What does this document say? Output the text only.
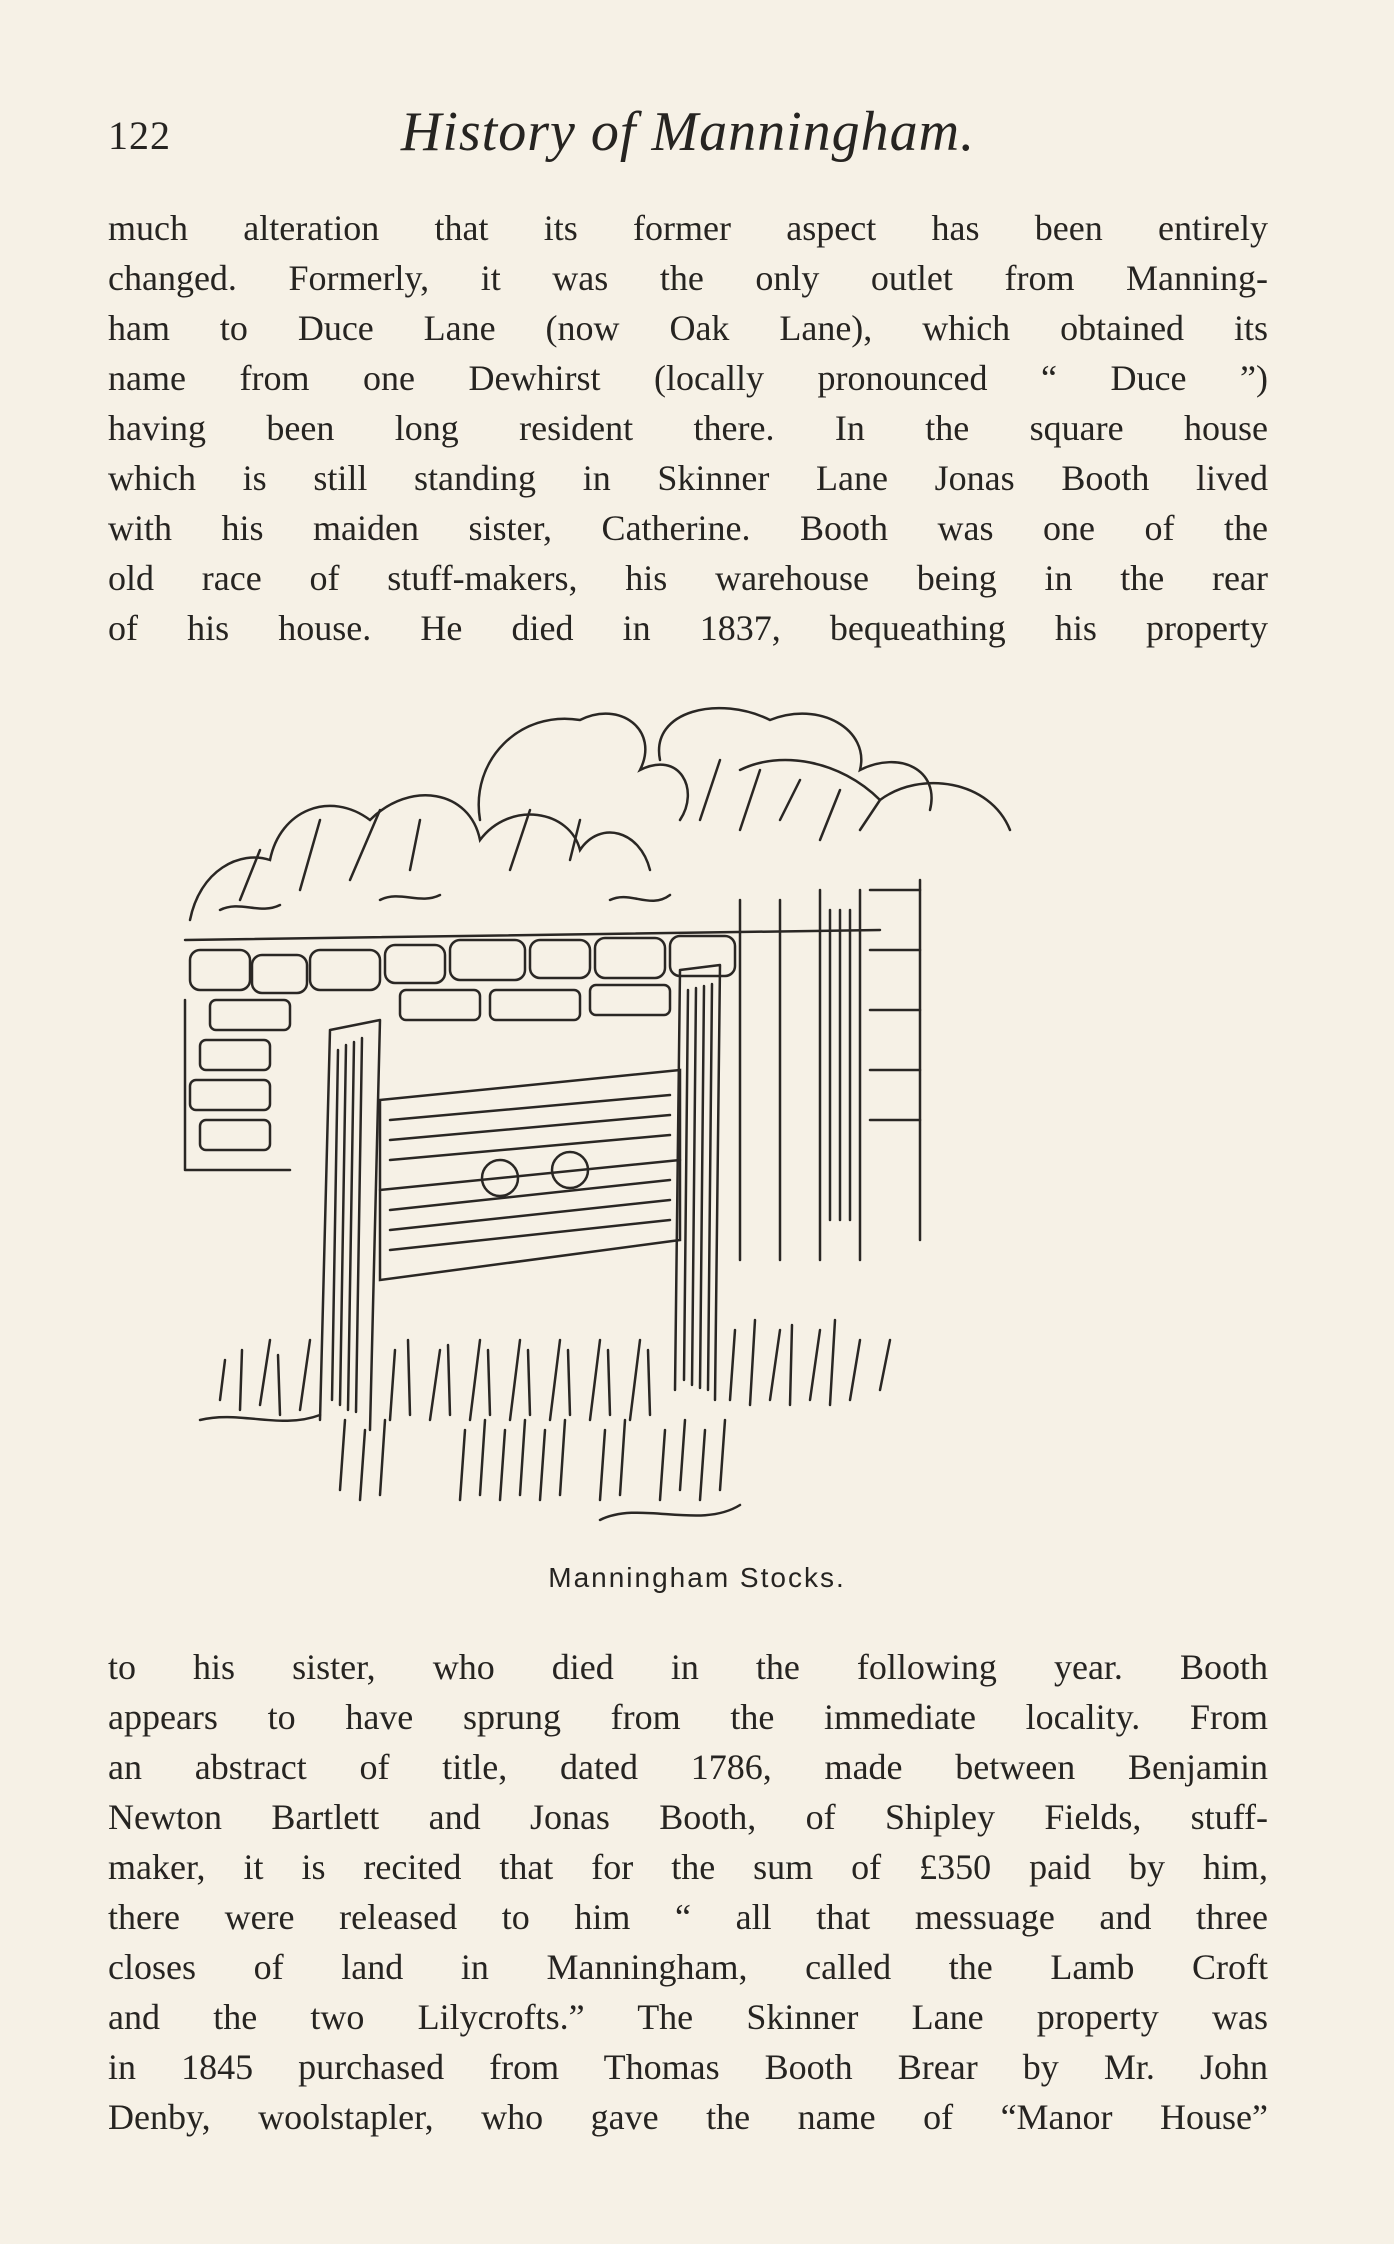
122	History of Manningham.
much alteration that its former aspect has been entirely
changed. Formerly, it was the only outlet from Manning-
ham to Duce Lane (now Oak Lane), which obtained its
name from one Dewhirst (locally pronounced “ Duce ”)
having been long resident there. In the square house
which is still standing in Skinner Lane Jonas Booth lived
with his maiden sister, Catherine. Booth was one of the
old race of stuff-makers, his warehouse being in the rear
of his house. He died in 1837, bequeathing his property
Manningham Stocks.
to his sister, who died in the following year. Booth
appears to have sprung from the immediate locality. From
an abstract of title, dated 1786, made between Benjamin
Newton Bartlett and Jonas Booth, of Shipley Fields, stuff-
maker, it is recited that for the sum of £350 paid by him,
there were released to him “ all that messuage and three
closes of land in Manningham, called the Lamb Croft
and the two Lilycrofts.” The Skinner Lane property was
in 1845 purchased from Thomas Booth Brear by Mr. John
Denby, woolstapler, who gave the name of “Manor House”
